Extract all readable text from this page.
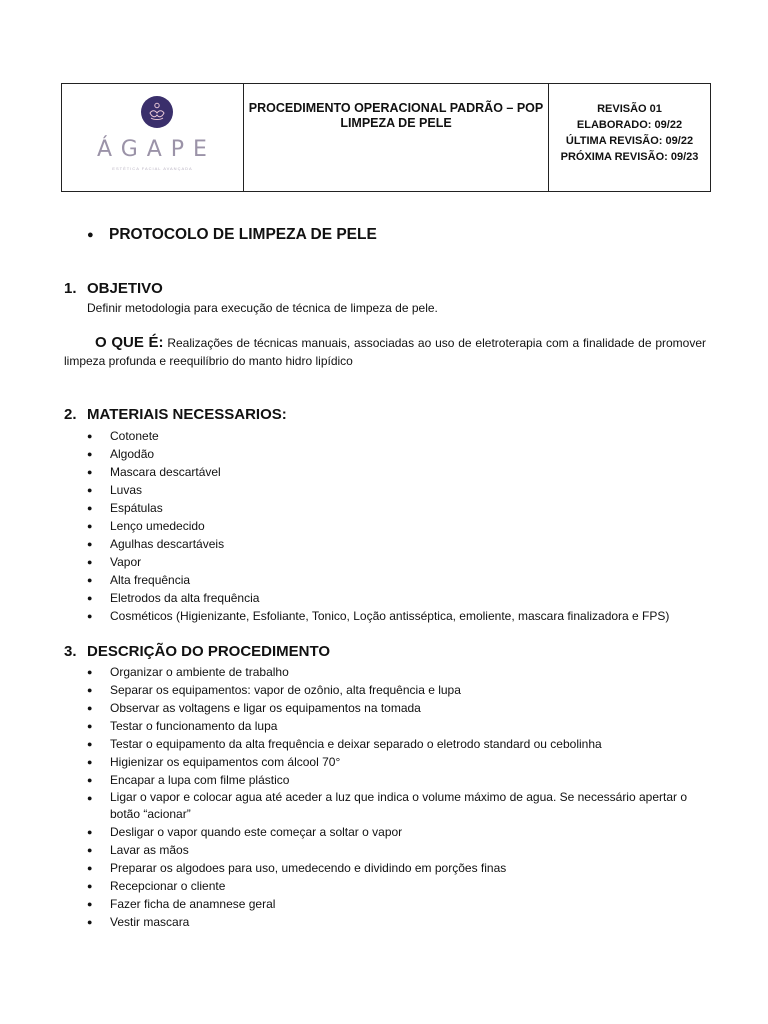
ÁGAPE
ESTÉTICA FACIAL AVANÇADA
PROCEDIMENTO OPERACIONAL PADRÃO – POP
LIMPEZA DE PELE
REVISÃO 01
ELABORADO: 09/22
ÚLTIMA REVISÃO: 09/22
PRÓXIMA REVISÃO: 09/23
● PROTOCOLO DE LIMPEZA DE PELE
1. OBJETIVO
Definir metodologia para execução de técnica de limpeza de pele.
O QUE É: Realizações de técnicas manuais, associadas ao uso de eletroterapia com a finalidade de promover limpeza profunda e reequilíbrio do manto hidro lipídico
2. MATERIAIS NECESSARIOS:
●	Cotonete
●	Algodão
●	Mascara descartável
●	Luvas
●	Espátulas
●	Lenço umedecido
●	Agulhas descartáveis
●	Vapor
●	Alta frequência
●	Eletrodos da alta frequência
●	Cosméticos (Higienizante, Esfoliante, Tonico, Loção antisséptica, emoliente, mascara finalizadora e FPS)
3. DESCRIÇÃO DO PROCEDIMENTO
●	Organizar o ambiente de trabalho
●	Separar os equipamentos: vapor de ozônio, alta frequência e lupa
●	Observar as voltagens e ligar os equipamentos na tomada
●	Testar o funcionamento da lupa
●	Testar o equipamento da alta frequência e deixar separado o eletrodo standard ou cebolinha
●	Higienizar os equipamentos com álcool 70°
●	Encapar a lupa com filme plástico
●	Ligar o vapor e colocar agua até aceder a luz que indica o volume máximo de agua. Se necessário apertar o botão “acionar”
●	Desligar o vapor quando este começar a soltar o vapor
●	Lavar as mãos
●	Preparar os algodoes para uso, umedecendo e dividindo em porções finas
●	Recepcionar o cliente
●	Fazer ficha de anamnese geral
●	Vestir mascara
